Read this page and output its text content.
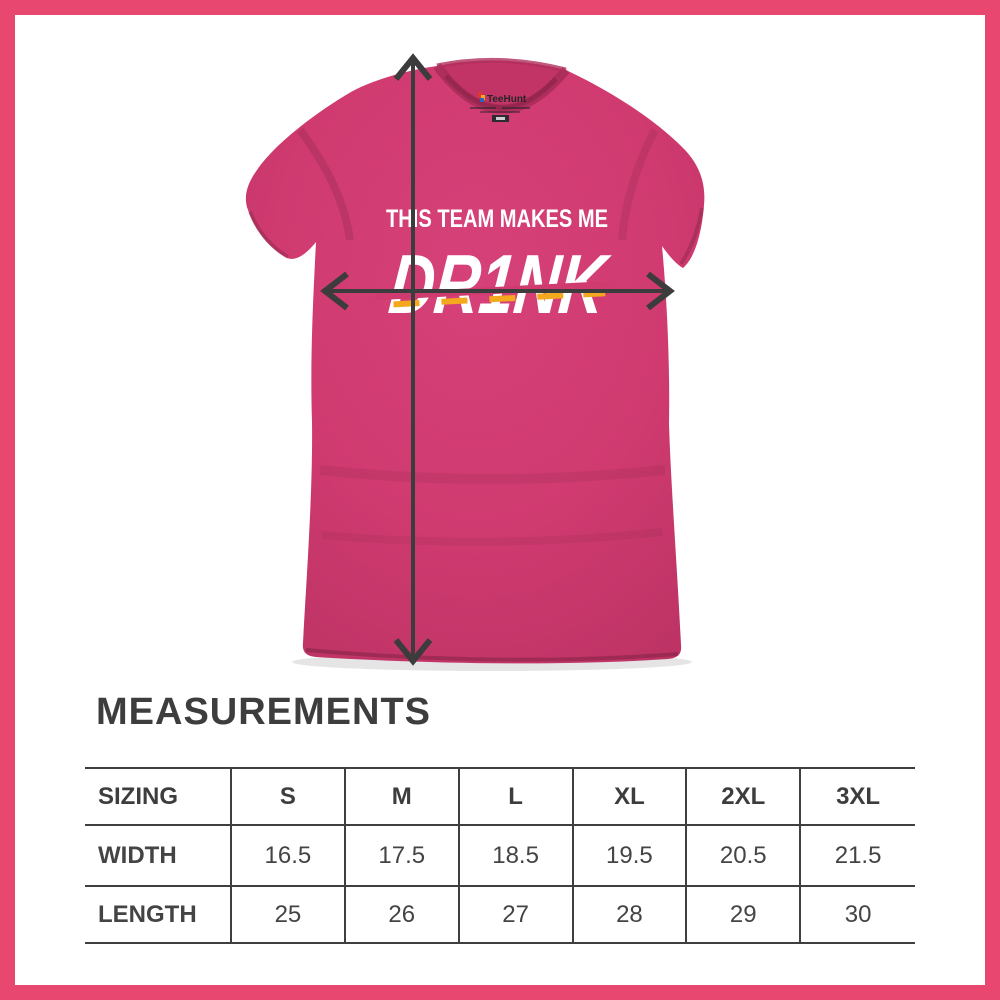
TeeHunt
THIS TEAM MAKES ME
DR1NK
MEASUREMENTS
SIZING	S	M	L	XL	2XL	3XL
WIDTH	16.5	17.5	18.5	19.5	20.5	21.5
LENGTH	25	26	27	28	29	30
